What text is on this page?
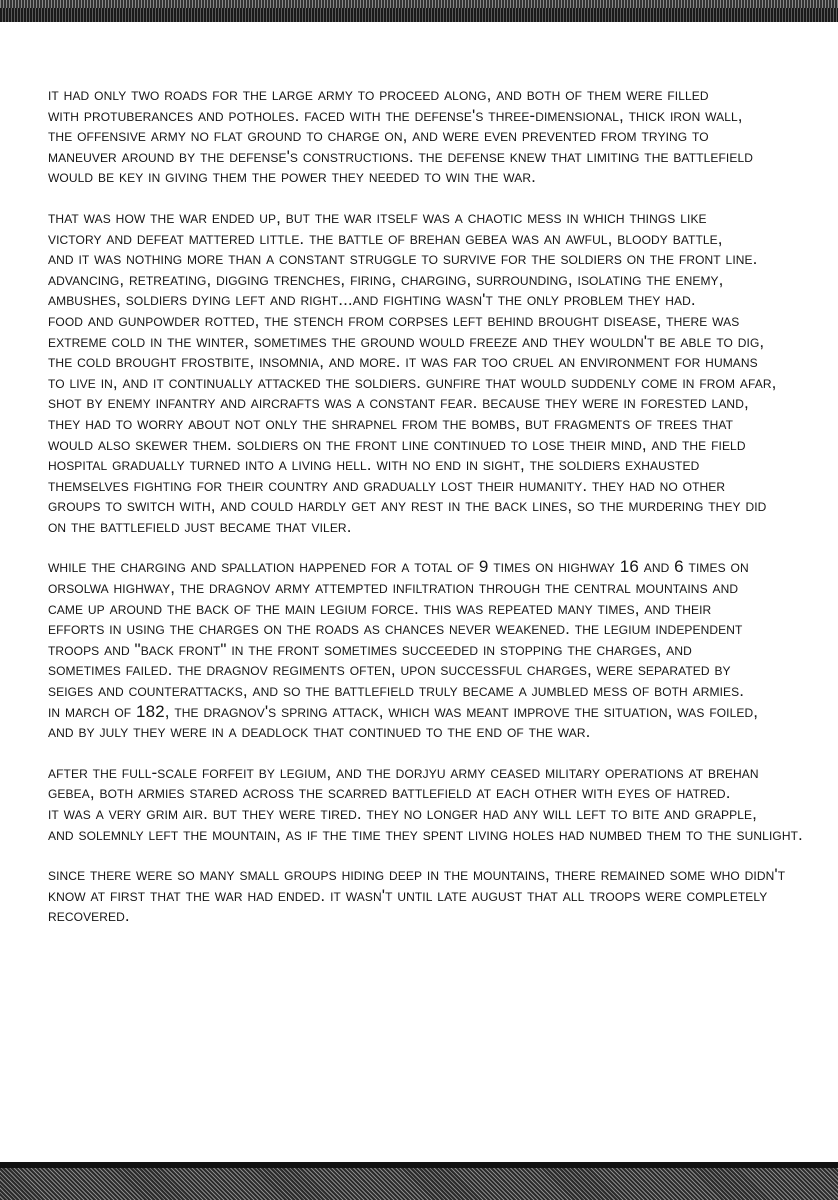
it had only two roads for the large army to proceed along, and both of them were filled
with protuberances and potholes. faced with the defense's three-dimensional, thick iron wall,
the offensive army no flat ground to charge on, and were even prevented from trying to
maneuver around by the defense's constructions. the defense knew that limiting the battlefield
would be key in giving them the power they needed to win the war.

that was how the war ended up, but the war itself was a chaotic mess in which things like
victory and defeat mattered little. the battle of brehan gebea was an awful, bloody battle,
and it was nothing more than a constant struggle to survive for the soldiers on the front line.
advancing, retreating, digging trenches, firing, charging, surrounding, isolating the enemy,
ambushes, soldiers dying left and right...and fighting wasn't the only problem they had.
food and gunpowder rotted, the stench from corpses left behind brought disease, there was
extreme cold in the winter, sometimes the ground would freeze and they wouldn't be able to dig,
the cold brought frostbite, insomnia, and more. it was far too cruel an environment for humans
to live in, and it continually attacked the soldiers. gunfire that would suddenly come in from afar,
shot by enemy infantry and aircrafts was a constant fear. because they were in forested land,
they had to worry about not only the shrapnel from the bombs, but fragments of trees that
would also skewer them. soldiers on the front line continued to lose their mind, and the field
hospital gradually turned into a living hell. with no end in sight, the soldiers exhausted
themselves fighting for their country and gradually lost their humanity. they had no other
groups to switch with, and could hardly get any rest in the back lines, so the murdering they did
on the battlefield just became that viler.

while the charging and spallation happened for a total of 9 times on highway 16 and 6 times on
orsolwa highway, the dragnov army attempted infiltration through the central mountains and
came up around the back of the main legium force. this was repeated many times, and their
efforts in using the charges on the roads as chances never weakened. the legium independent
troops and "back front" in the front sometimes succeeded in stopping the charges, and
sometimes failed. the dragnov regiments often, upon successful charges, were separated by
seiges and counterattacks, and so the battlefield truly became a jumbled mess of both armies.
in march of 182, the dragnov's spring attack, which was meant improve the situation, was foiled,
and by july they were in a deadlock that continued to the end of the war.

after the full-scale forfeit by legium, and the dorjyu army ceased military operations at brehan
gebea, both armies stared across the scarred battlefield at each other with eyes of hatred.
it was a very grim air. but they were tired. they no longer had any will left to bite and grapple,
and solemnly left the mountain, as if the time they spent living holes had numbed them to the sunlight.

since there were so many small groups hiding deep in the mountains, there remained some who didn't
know at first that the war had ended. it wasn't until late august that all troops were completely
recovered.
